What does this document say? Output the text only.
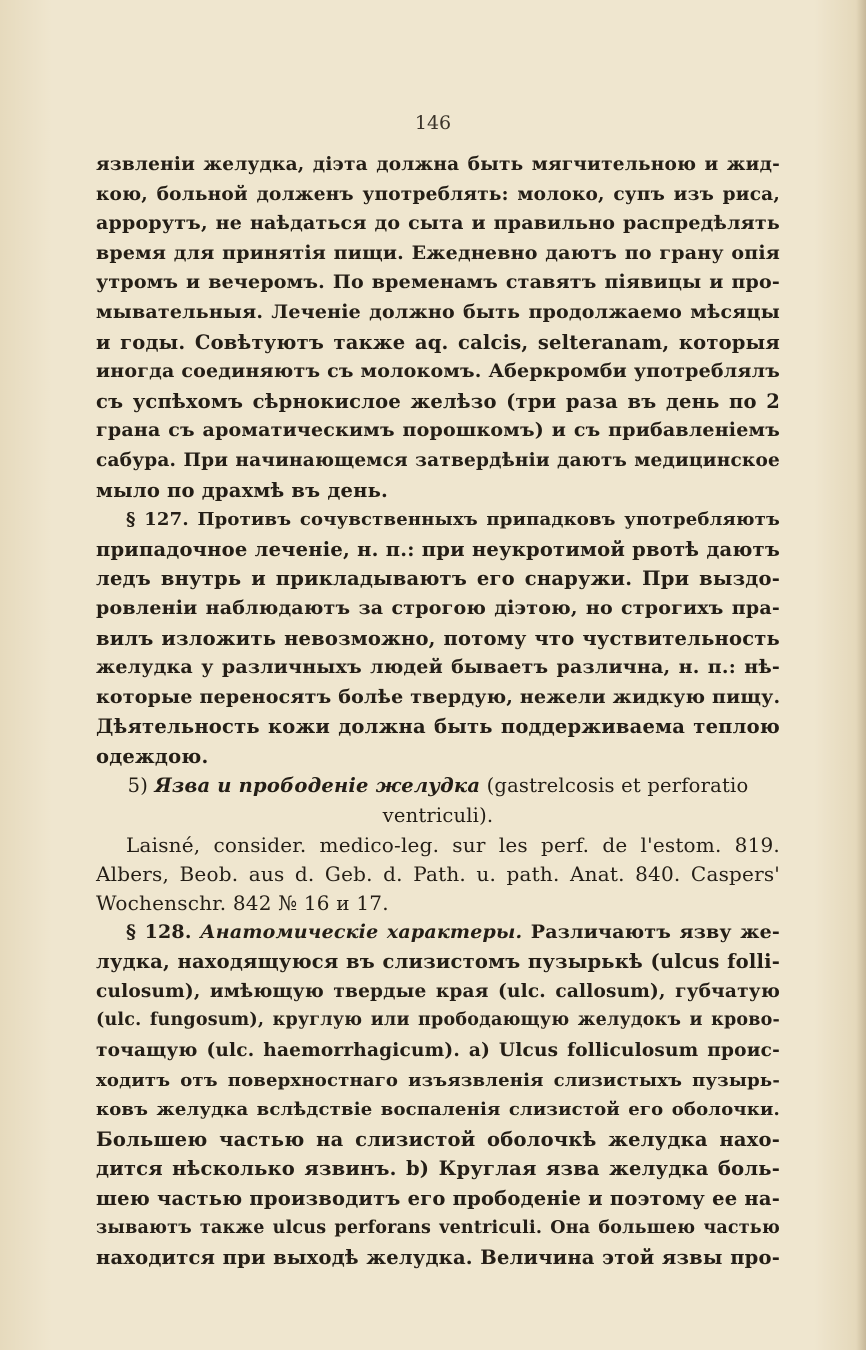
146
язвленіи желудка, діэта должна быть мягчительною и жид-
кою, больной долженъ употреблять: молоко, супъ изъ риса,
аррорутъ, не наѣдаться до сыта и правильно распредѣлять
время для принятія пищи. Ежедневно даютъ по грану опія
утромъ и вечеромъ. По временамъ ставятъ піявицы и про-
мывательныя. Леченіе должно быть продолжаемо мѣсяцы
и годы. Совѣтуютъ также aq. calcis, selteranam, которыя
иногда соединяютъ съ молокомъ. Аберкромби употреблялъ
съ успѣхомъ сѣрнокислое желѣзо (три раза въ день по 2
грана съ ароматическимъ порошкомъ) и съ прибавленіемъ
сабура. При начинающемся затвердѣніи даютъ медицинское
мыло по драхмѣ въ день.
§ 127. Противъ сочувственныхъ припадковъ употребляютъ
припадочное леченіе, н. п.: при неукротимой рвотѣ даютъ
ледъ внутрь и прикладываютъ его снаружи. При выздо-
ровленіи наблюдаютъ за строгою діэтою, но строгихъ пра-
вилъ изложить невозможно, потому что чуствительность
желудка у различныхъ людей бываетъ различна, н. п.: нѣ-
которые переносятъ болѣе твердую, нежели жидкую пищу.
Дѣятельность кожи должна быть поддерживаема теплою
одеждою.
5) Язва и прободеніе желудка (gastrelcosis et perforatio
ventriculi).
Laisné, consider. medico-leg. sur les perf. de l'estom. 819.
Albers, Beob. aus d. Geb. d. Path. u. path. Anat. 840. Caspers'
Wochenschr. 842 № 16 и 17.
§ 128. Анатомическіе характеры. Различаютъ язву же-
лудка, находящуюся въ слизистомъ пузырькѣ (ulcus folli-
culosum), имѣющую твердые края (ulc. callosum), губчатую
(ulc. fungosum), круглую или прободающую желудокъ и крово-
точащую (ulc. haemorrhagicum). a) Ulcus folliculosum проис-
ходитъ отъ поверхностнаго изъязвленія слизистыхъ пузырь-
ковъ желудка вслѣдствіе воспаленія слизистой его оболочки.
Большею частью на слизистой оболочкѣ желудка нахо-
дится нѣсколько язвинъ. b) Круглая язва желудка боль-
шею частью производитъ его прободеніе и поэтому ее на-
зываютъ также ulcus perforans ventriculi. Она большею частью
находится при выходѣ желудка. Величина этой язвы про-
